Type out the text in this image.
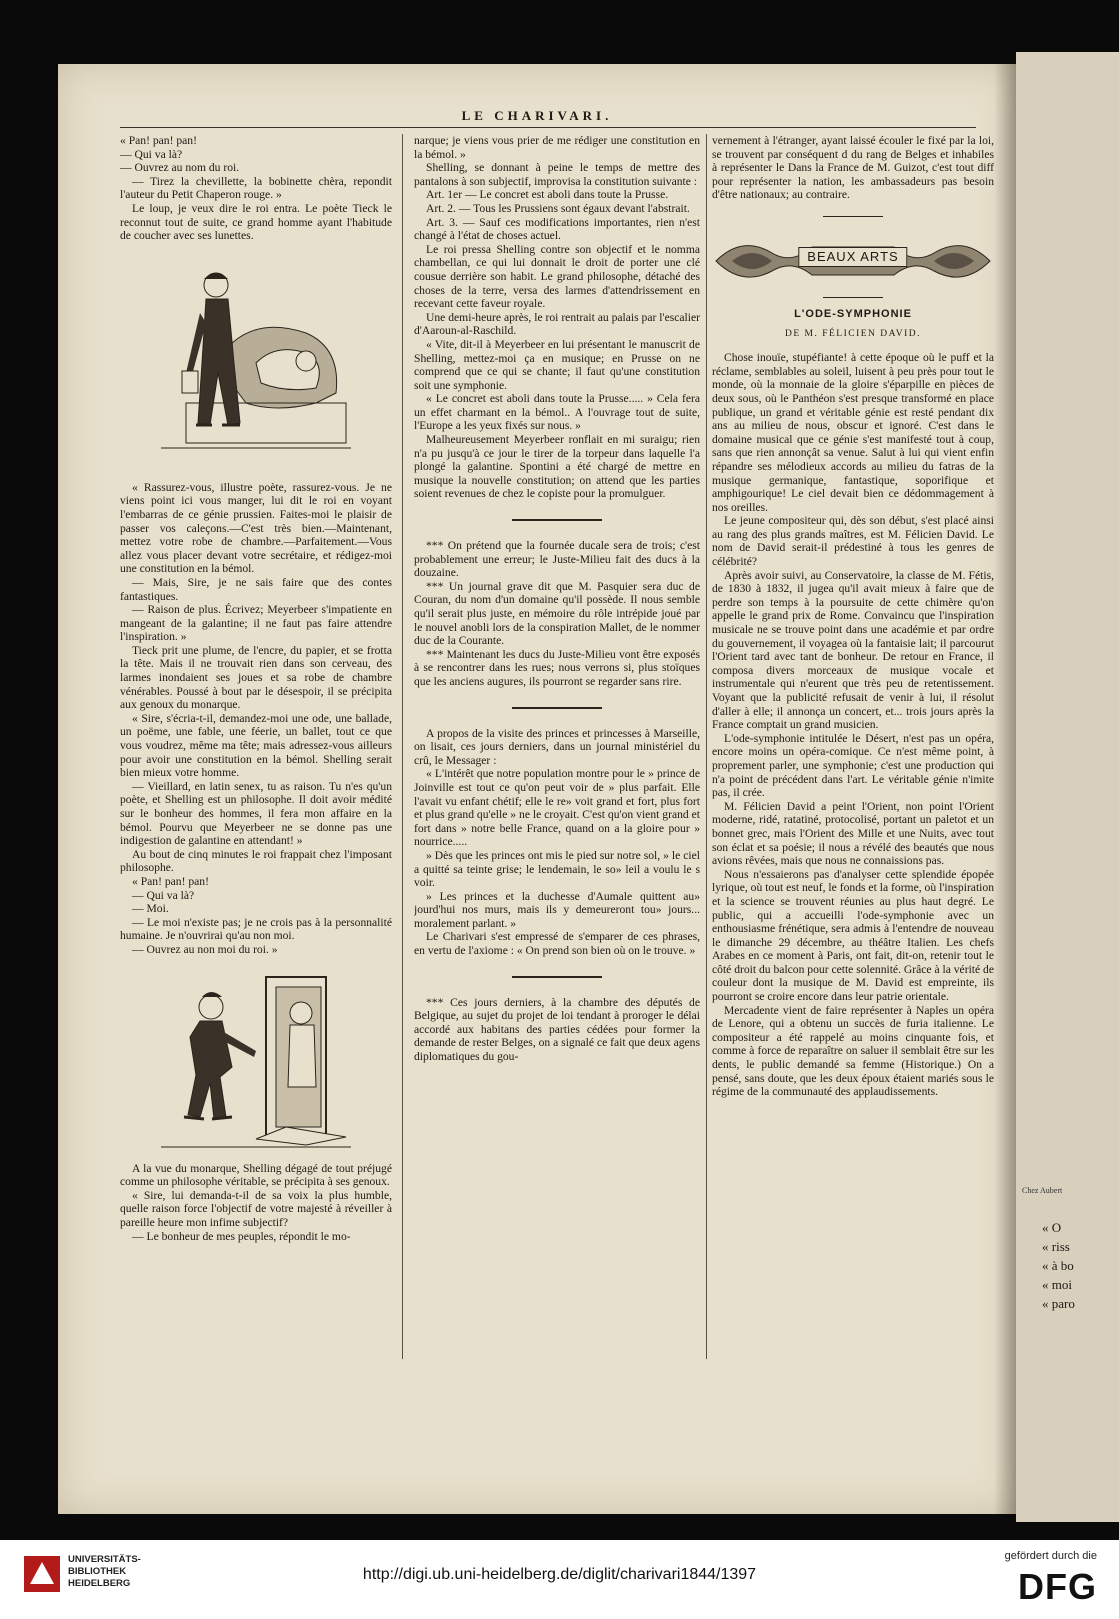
LE CHARIVARI.

« Pan! pan! pan!

— Qui va là?

— Ouvrez au nom du roi.

— Tirez la chevillette, la bobinette chèra, repondit l'auteur du Petit Chaperon rouge. »

Le loup, je veux dire le roi entra. Le poète Tieck le reconnut tout de suite, ce grand homme ayant l'habitude de coucher avec ses lunettes.

« Rassurez-vous, illustre poète, rassurez-vous. Je ne viens point ici vous manger, lui dit le roi en voyant l'embarras de ce génie prussien. Faites-moi le plaisir de passer vos caleçons.—C'est très bien.—Maintenant, mettez votre robe de chambre.—Parfaitement.—Vous allez vous placer devant votre secrétaire, et rédigez-moi une constitution en la bémol.

— Mais, Sire, je ne sais faire que des contes fantastiques.

— Raison de plus. Écrivez; Meyerbeer s'impatiente en mangeant de la galantine; il ne faut pas faire attendre l'inspiration. »

Tieck prit une plume, de l'encre, du papier, et se frotta la tête. Mais il ne trouvait rien dans son cerveau, des larmes inondaient ses joues et sa robe de chambre vénérables. Poussé à bout par le désespoir, il se précipita aux genoux du monarque.

« Sire, s'écria-t-il, demandez-moi une ode, une ballade, un poëme, une fable, une féerie, un ballet, tout ce que vous voudrez, même ma tête; mais adressez-vous ailleurs pour avoir une constitution en la bémol. Shelling serait bien mieux votre homme.

— Vieillard, en latin senex, tu as raison. Tu n'es qu'un poète, et Shelling est un philosophe. Il doit avoir médité sur le bonheur des hommes, il fera mon affaire en la bémol. Pourvu que Meyerbeer ne se donne pas une indigestion de galantine en attendant! »

Au bout de cinq minutes le roi frappait chez l'imposant philosophe.

« Pan! pan! pan!

— Qui va là?

— Moi.

— Le moi n'existe pas; je ne crois pas à la personnalité humaine. Je n'ouvrirai qu'au non moi.

— Ouvrez au non moi du roi. »

A la vue du monarque, Shelling dégagé de tout préjugé comme un philosophe véritable, se précipita à ses genoux.

« Sire, lui demanda-t-il de sa voix la plus humble, quelle raison force l'objectif de votre majesté à réveiller à pareille heure mon infime subjectif?

— Le bonheur de mes peuples, répondit le mo-

narque; je viens vous prier de me rédiger une constitution en la bémol. »

Shelling, se donnant à peine le temps de mettre des pantalons à son subjectif, improvisa la constitution suivante :

Art. 1er — Le concret est aboli dans toute la Prusse.

Art. 2. — Tous les Prussiens sont égaux devant l'abstrait.

Art. 3. — Sauf ces modifications importantes, rien n'est changé à l'état de choses actuel.

Le roi pressa Shelling contre son objectif et le nomma chambellan, ce qui lui donnait le droit de porter une clé cousue derrière son habit. Le grand philosophe, détaché des choses de la terre, versa des larmes d'attendrissement en recevant cette faveur royale.

Une demi-heure après, le roi rentrait au palais par l'escalier d'Aaroun-al-Raschild.

« Vite, dit-il à Meyerbeer en lui présentant le manuscrit de Shelling, mettez-moi ça en musique; en Prusse on ne comprend que ce qui se chante; il faut qu'une constitution soit une symphonie.

« Le concret est aboli dans toute la Prusse..... » Cela fera un effet charmant en la bémol.. A l'ouvrage tout de suite, l'Europe a les yeux fixés sur nous. »

Malheureusement Meyerbeer ronflait en mi suraigu; rien n'a pu jusqu'à ce jour le tirer de la torpeur dans laquelle l'a plongé la galantine. Spontini a été chargé de mettre en musique la nouvelle constitution; on attend que les parties soient revenues de chez le copiste pour la promulguer.

*** On prétend que la fournée ducale sera de trois; c'est probablement une erreur; le Juste-Milieu fait des ducs à la douzaine.

*** Un journal grave dit que M. Pasquier sera duc de Couran, du nom d'un domaine qu'il possède. Il nous semble qu'il serait plus juste, en mémoire du rôle intrépide joué par le nouvel anobli lors de la conspiration Mallet, de le nommer duc de la Courante.

*** Maintenant les ducs du Juste-Milieu vont être exposés à se rencontrer dans les rues; nous verrons si, plus stoïques que les anciens augures, ils pourront se regarder sans rire.

A propos de la visite des princes et princesses à Marseille, on lisait, ces jours derniers, dans un journal ministériel du crû, le Messager :

« L'intérêt que notre population montre pour le » prince de Joinville est tout ce qu'on peut voir de » plus parfait. Elle l'avait vu enfant chétif; elle le re» voit grand et fort, plus fort et plus grand qu'elle » ne le croyait. C'est qu'on vient grand et fort dans » notre belle France, quand on a la gloire pour » nourrice.....

» Dès que les princes ont mis le pied sur notre sol, » le ciel a quitté sa teinte grise; le lendemain, le so» leil a voulu le s voir.

» Les princes et la duchesse d'Aumale quittent au» jourd'hui nos murs, mais ils y demeureront tou» jours... moralement parlant. »

Le Charivari s'est empressé de s'emparer de ces phrases, en vertu de l'axiome : « On prend son bien où on le trouve. »

*** Ces jours derniers, à la chambre des députés de Belgique, au sujet du projet de loi tendant à proroger le délai accordé aux habitans des parties cédées pour former la demande de rester Belges, on a signalé ce fait que deux agens diplomatiques du gou-

vernement à l'étranger, ayant laissé écouler le fixé par la loi, se trouvent par conséquent d du rang de Belges et inhabiles à représenter le Dans la France de M. Guizot, c'est tout diff pour représenter la nation, les ambassadeurs pas besoin d'être nationaux; au contraire.

BEAUX ARTS
L'ODE-SYMPHONIE
DE M. FÉLICIEN DAVID.

Chose inouïe, stupéfiante! à cette époque où le puff et la réclame, semblables au soleil, luisent à peu près pour tout le monde, où la monnaie de la gloire s'éparpille en pièces de deux sous, où le Panthéon s'est presque transformé en place publique, un grand et véritable génie est resté pendant dix ans au milieu de nous, obscur et ignoré. C'est dans le domaine musical que ce génie s'est manifesté tout à coup, sans que rien annonçât sa venue. Salut à lui qui vient enfin répandre ses mélodieux accords au milieu du fatras de la musique germanique, fantastique, soporifique et amphigourique! Le ciel devait bien ce dédommagement à nos oreilles.

Le jeune compositeur qui, dès son début, s'est placé ainsi au rang des plus grands maîtres, est M. Félicien David. Le nom de David serait-il prédestiné à tous les genres de célébrité?

Après avoir suivi, au Conservatoire, la classe de M. Fétis, de 1830 à 1832, il jugea qu'il avait mieux à faire que de perdre son temps à la poursuite de cette chimère qu'on appelle le grand prix de Rome. Convaincu que l'inspiration musicale ne se trouve point dans une académie et par ordre du gouvernement, il voyagea où la fantaisie lait; il parcourut l'Orient tard avec tant de bonheur. De retour en France, il composa divers morceaux de musique vocale et instrumentale qui n'eurent que très peu de retentissement. Voyant que la publicité refusait de venir à lui, il résolut d'aller à elle; il annonça un concert, et... trois jours après la France comptait un grand musicien.

L'ode-symphonie intitulée le Désert, n'est pas un opéra, encore moins un opéra-comique. Ce n'est même point, à proprement parler, une symphonie; c'est une production qui n'a point de précédent dans l'art. Le véritable génie n'imite pas, il crée.

M. Félicien David a peint l'Orient, non point l'Orient moderne, ridé, ratatiné, protocolisé, portant un paletot et un bonnet grec, mais l'Orient des Mille et une Nuits, avec tout son éclat et sa poésie; il nous a révélé des beautés que nous avions rêvées, mais que nous ne connaissions pas.

Nous n'essaierons pas d'analyser cette splendide épopée lyrique, où tout est neuf, le fonds et la forme, où l'inspiration et la science se trouvent réunies au plus haut degré. Le public, qui a accueilli l'ode-symphonie avec un enthousiasme frénétique, sera admis à l'entendre de nouveau le dimanche 29 décembre, au théâtre Italien. Les chefs Arabes en ce moment à Paris, ont fait, dit-on, retenir tout le côté droit du balcon pour cette solennité. Grâce à la vérité de couleur dont la musique de M. David est empreinte, ils pourront se croire encore dans leur patrie orientale.

Mercadente vient de faire représenter à Naples un opéra de Lenore, qui a obtenu un succès de furia italienne. Le compositeur a été rappelé au moins cinquante fois, et comme à force de reparaître on saluer il semblait être sur les dents, le public demandé sa femme (Historique.) On a pensé, sans doute, que les deux époux étaient mariés sous le régime de la communauté des applaudissements.

Chez Aubert
« O
« riss
« à bo
« moi
« paro
UNIVERSITÄTS-
BIBLIOTHEK
HEIDELBERG
http://digi.ub.uni-heidelberg.de/diglit/charivari1844/1397
gefördert durch die
DFG
